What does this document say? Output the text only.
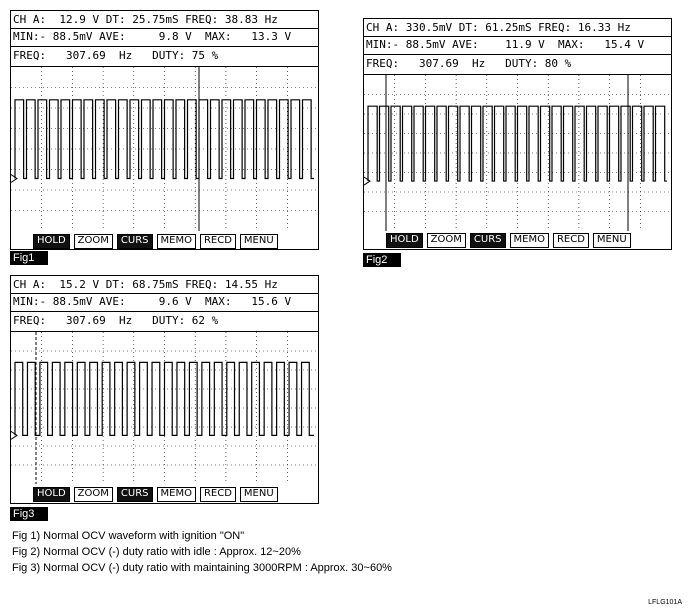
CH A:  12.9 V DT: 25.75mS FREQ: 38.83 Hz
MIN:- 88.5mV AVE:     9.8 V  MAX:   13.3 V
FREQ:   307.69  Hz   DUTY: 75 %
HOLD	ZOOM	CURS	MEMO	RECD	MENU
Fig1
CH A: 330.5mV DT: 61.25mS FREQ: 16.33 Hz
MIN:- 88.5mV AVE:    11.9 V  MAX:   15.4 V
FREQ:   307.69  Hz   DUTY: 80 %
HOLD	ZOOM	CURS	MEMO	RECD	MENU
Fig2
CH A:  15.2 V DT: 68.75mS FREQ: 14.55 Hz
MIN:- 88.5mV AVE:     9.6 V  MAX:   15.6 V
FREQ:   307.69  Hz   DUTY: 62 %
HOLD	ZOOM	CURS	MEMO	RECD	MENU
Fig3
Fig 1) Normal OCV waveform with ignition "ON"
Fig 2) Normal OCV (-) duty ratio with idle : Approx. 12~20%
Fig 3) Normal OCV (-) duty ratio with maintaining 3000RPM : Approx. 30~60%
LFLG101A
